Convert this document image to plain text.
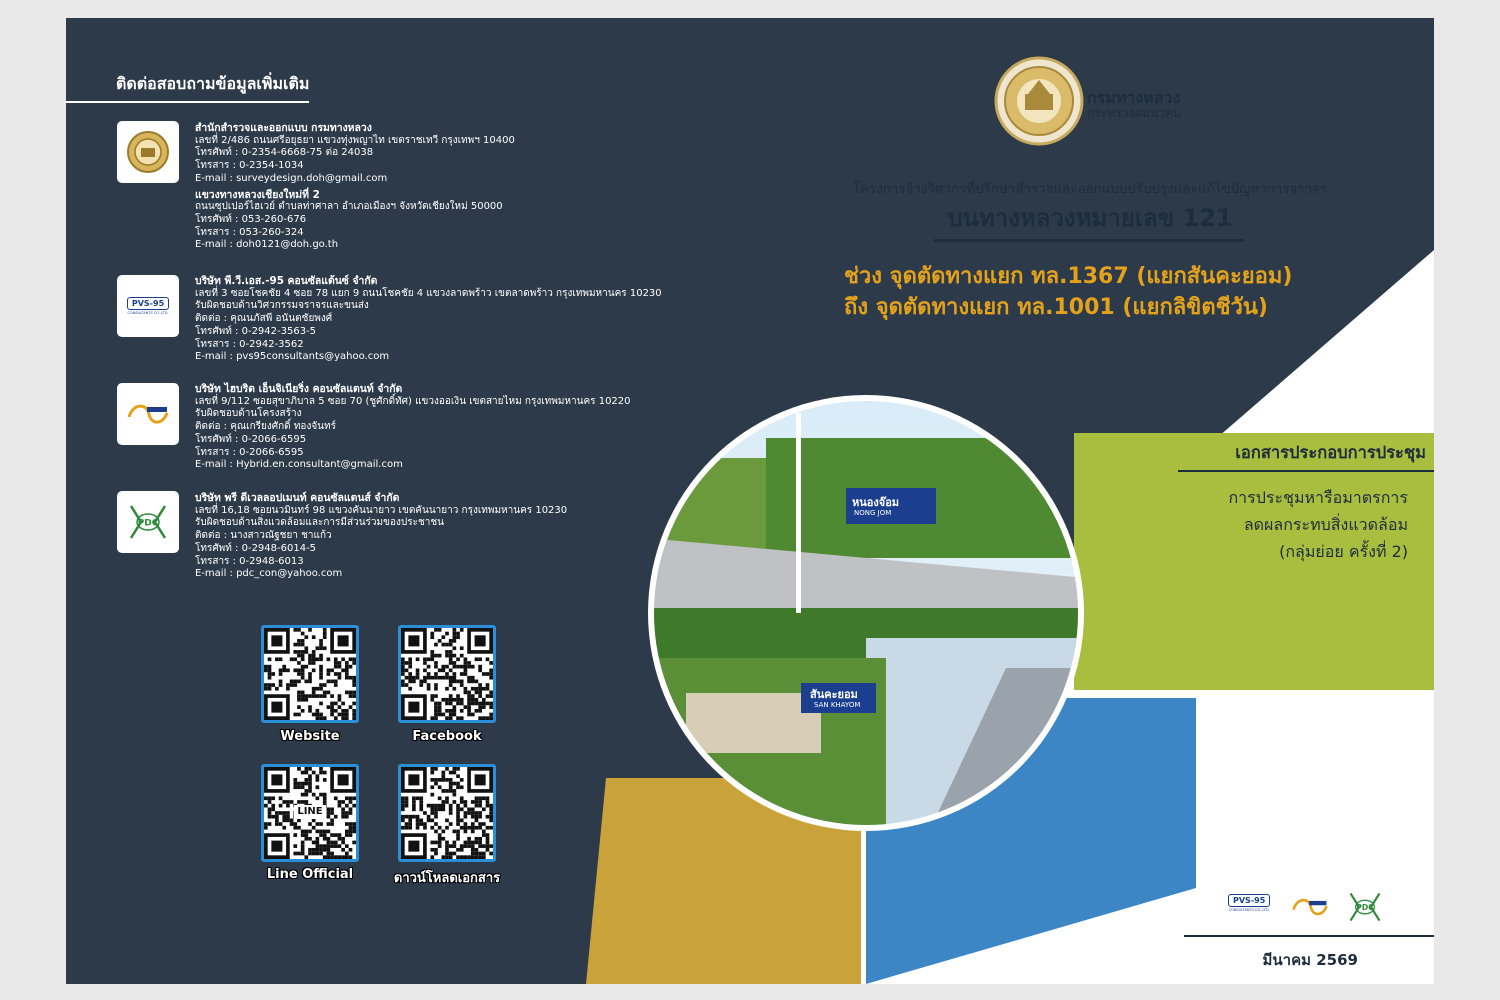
หนองจ๊อม
NONG JOM
สันคะยอม
SAN KHAYOM
ติดต่อสอบถามข้อมูลเพิ่มเติม
PVS-95
CONSULTANTS CO.,LTD.
PDC
สำนักสำรวจและออกแบบ กรมทางหลวง
เลขที่ 2/486 ถนนศรีอยุธยา แขวงทุ่งพญาไท เขตราชเทวี กรุงเทพฯ 10400
โทรศัพท์ : 0-2354-6668-75 ต่อ 24038
โทรสาร : 0-2354-1034
E-mail : surveydesign.doh@gmail.com
แขวงทางหลวงเชียงใหม่ที่ 2
ถนนซุปเปอร์ไฮเวย์ ตำบลท่าศาลา อำเภอเมืองฯ จังหวัดเชียงใหม่ 50000
โทรศัพท์ : 053-260-676
โทรสาร : 053-260-324
E-mail : doh0121@doh.go.th
บริษัท พี.วี.เอส.-95 คอนซัลแต้นซ์ จำกัด
เลขที่ 3 ซอยโชคชัย 4 ซอย 78 แยก 9 ถนนโชคชัย 4 แขวงลาดพร้าว เขตลาดพร้าว กรุงเทพมหานคร 10230
รับผิดชอบด้านวิศวกรรมจราจรและขนส่ง
ติดต่อ : คุณนภัสพี อนันตชัยพงศ์
โทรศัพท์ : 0-2942-3563-5
โทรสาร : 0-2942-3562
E-mail : pvs95consultants@yahoo.com
บริษัท ไฮบริด เอ็นจิเนียริ่ง คอนซัลแตนท์ จำกัด
เลขที่ 9/112 ซอยสุขาภิบาล 5 ซอย 70 (ชูศักดิ์ทัศ) แขวงออเงิน เขตสายไหม กรุงเทพมหานคร 10220
รับผิดชอบด้านโครงสร้าง
ติดต่อ : คุณเกรียงศักดิ์ ทองจันทร์
โทรศัพท์ : 0-2066-6595
โทรสาร : 0-2066-6595
E-mail : Hybrid.en.consultant@gmail.com
บริษัท พรี ดีเวลลอปเมนท์ คอนซัลแตนส์ จำกัด
เลขที่ 16,18 ซอยนวมินทร์ 98 แขวงคันนายาว เขตคันนายาว กรุงเทพมหานคร 10230
รับผิดชอบด้านสิ่งแวดล้อมและการมีส่วนร่วมของประชาชน
ติดต่อ : นางสาวณัฐชยา ชาแก้ว
โทรศัพท์ : 0-2948-6014-5
โทรสาร : 0-2948-6013
E-mail : pdc_con@yahoo.com
LINE
Website	Facebook
Line Official	ดาวน์โหลดเอกสาร
กรมทางหลวง
กระทรวงคมนาคม
โครงการจ้างวิศวกรที่ปรึกษาสำรวจและออกแบบปรับปรุงและแก้ไขปัญหาการจราจร
บนทางหลวงหมายเลข 121
ช่วง จุดตัดทางแยก ทล.1367 (แยกสันคะยอม)
ถึง จุดตัดทางแยก ทล.1001 (แยกลิขิตชีวัน)
เอกสารประกอบการประชุม
การประชุมหารือมาตรการ
ลดผลกระทบสิ่งแวดล้อม
(กลุ่มย่อย ครั้งที่ 2)
PVS-95
CONSULTANTS CO.,LTD.	PDC
มีนาคม 2569
